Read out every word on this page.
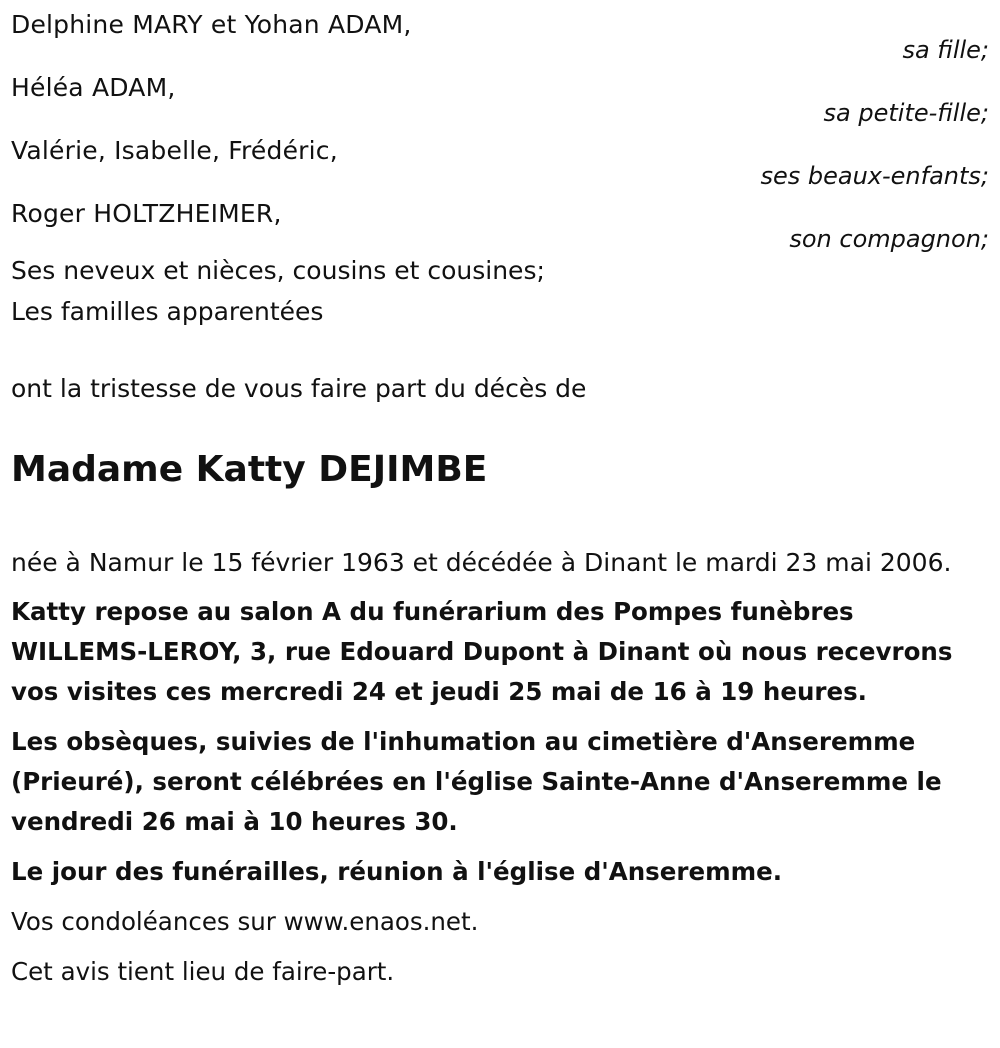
Delphine MARY et Yohan ADAM,
sa fille;
Héléa ADAM,
sa petite-fille;
Valérie, Isabelle, Frédéric,
ses beaux-enfants;
Roger HOLTZHEIMER,
son compagnon;
Ses neveux et nièces, cousins et cousines;
Les familles apparentées
ont la tristesse de vous faire part du décès de
Madame Katty DEJIMBE
née à Namur le 15 février 1963 et décédée à Dinant le mardi 23 mai 2006.
Katty repose au salon A du funérarium des Pompes funèbres WILLEMS-LEROY, 3, rue Edouard Dupont à Dinant où nous recevrons vos visites ces mercredi 24 et jeudi 25 mai de 16 à 19 heures.
Les obsèques, suivies de l'inhumation au cimetière d'Anseremme (Prieuré), seront célébrées en l'église Sainte-Anne d'Anseremme le vendredi 26 mai à 10 heures 30.
Le jour des funérailles, réunion à l'église d'Anseremme.
Vos condoléances sur www.enaos.net.
Cet avis tient lieu de faire-part.
